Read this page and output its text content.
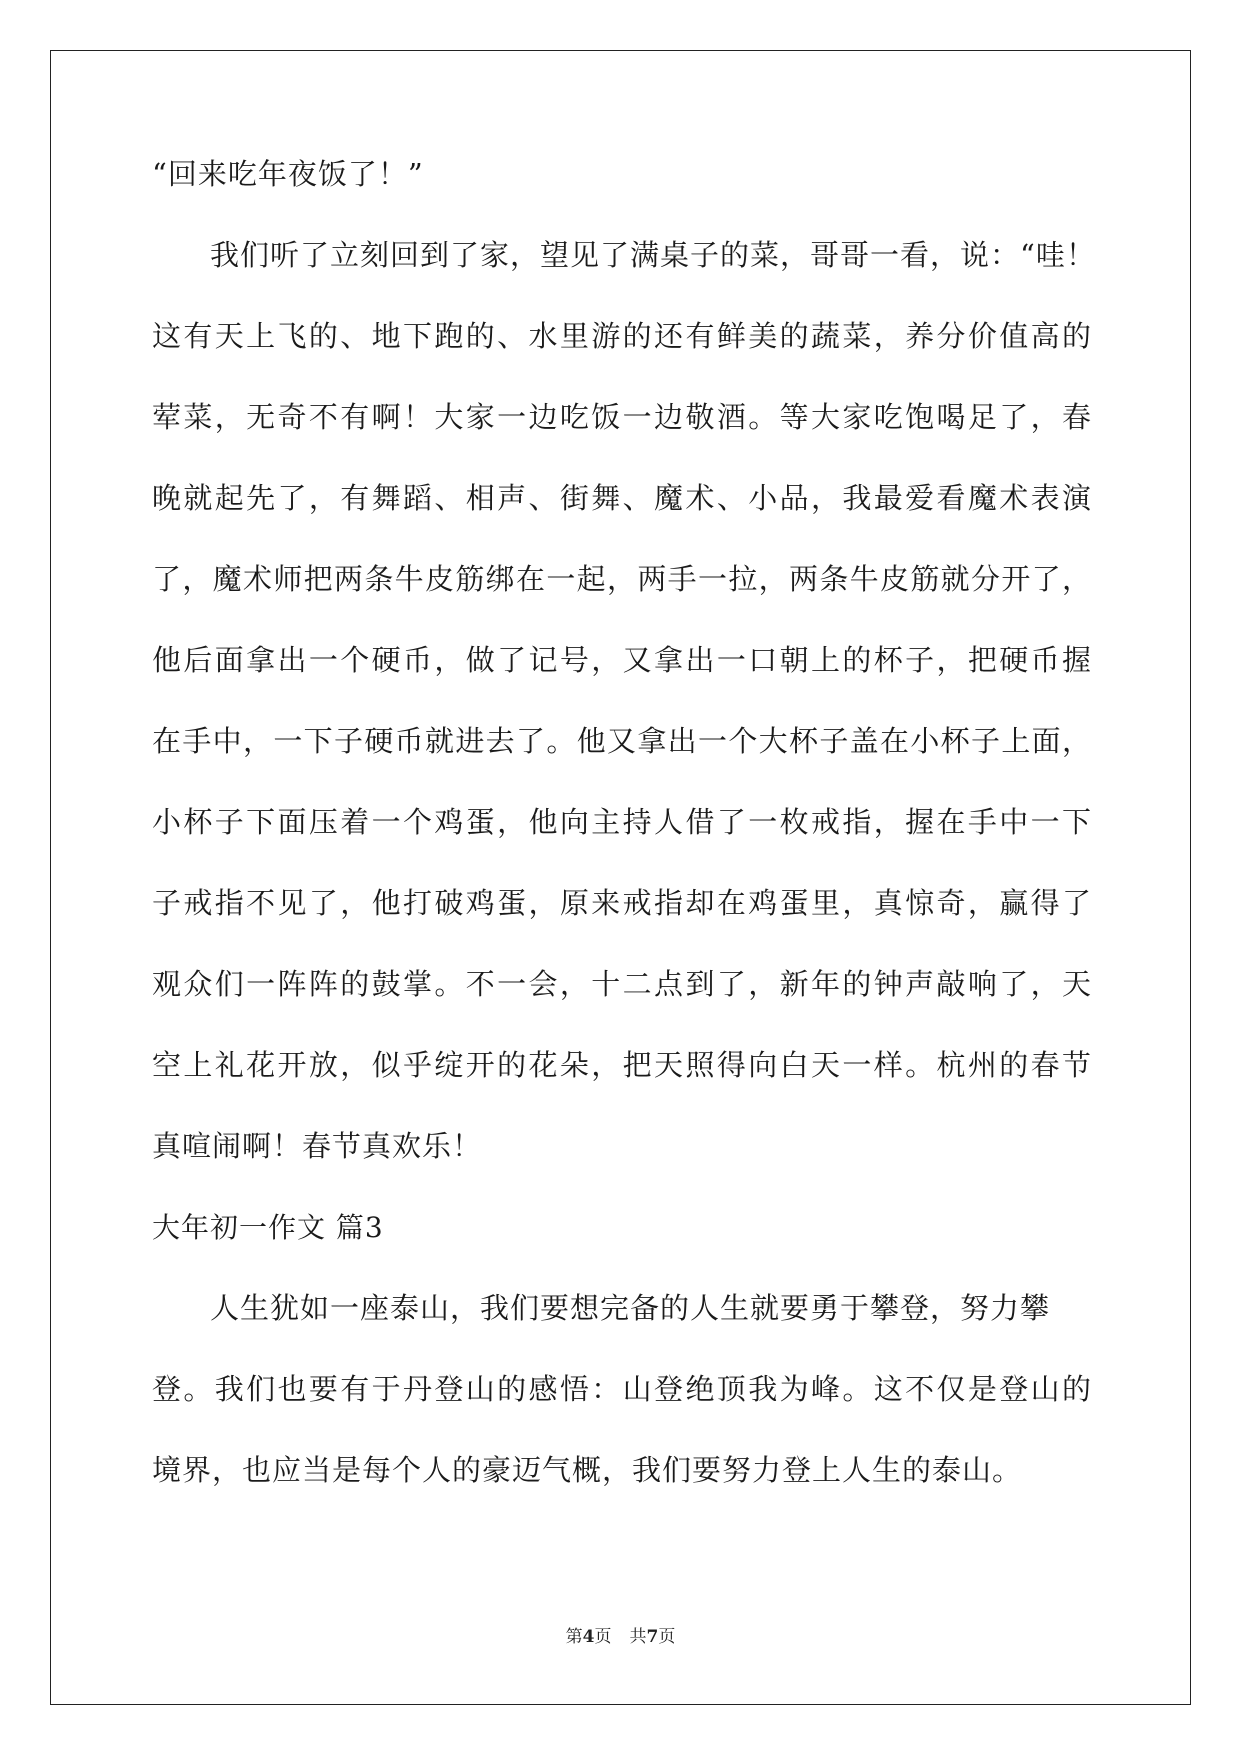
“回来吃年夜饭了！”
我们听了立刻回到了家，望见了满桌子的菜，哥哥一看，说：“哇！
这有天上飞的、地下跑的、水里游的还有鲜美的蔬菜，养分价值高的
荤菜，无奇不有啊！大家一边吃饭一边敬酒。等大家吃饱喝足了，春
晚就起先了，有舞蹈、相声、街舞、魔术、小品，我最爱看魔术表演
了，魔术师把两条牛皮筋绑在一起，两手一拉，两条牛皮筋就分开了，
他后面拿出一个硬币，做了记号，又拿出一口朝上的杯子，把硬币握
在手中，一下子硬币就进去了。他又拿出一个大杯子盖在小杯子上面，
小杯子下面压着一个鸡蛋，他向主持人借了一枚戒指，握在手中一下
子戒指不见了，他打破鸡蛋，原来戒指却在鸡蛋里，真惊奇，赢得了
观众们一阵阵的鼓掌。不一会，十二点到了，新年的钟声敲响了，天
空上礼花开放，似乎绽开的花朵，把天照得向白天一样。杭州的春节
真喧闹啊！春节真欢乐！
大年初一作文 篇3
人生犹如一座泰山，我们要想完备的人生就要勇于攀登，努力攀
登。我们也要有于丹登山的感悟：山登绝顶我为峰。这不仅是登山的
境界，也应当是每个人的豪迈气概，我们要努力登上人生的泰山。
第4页 共7页
